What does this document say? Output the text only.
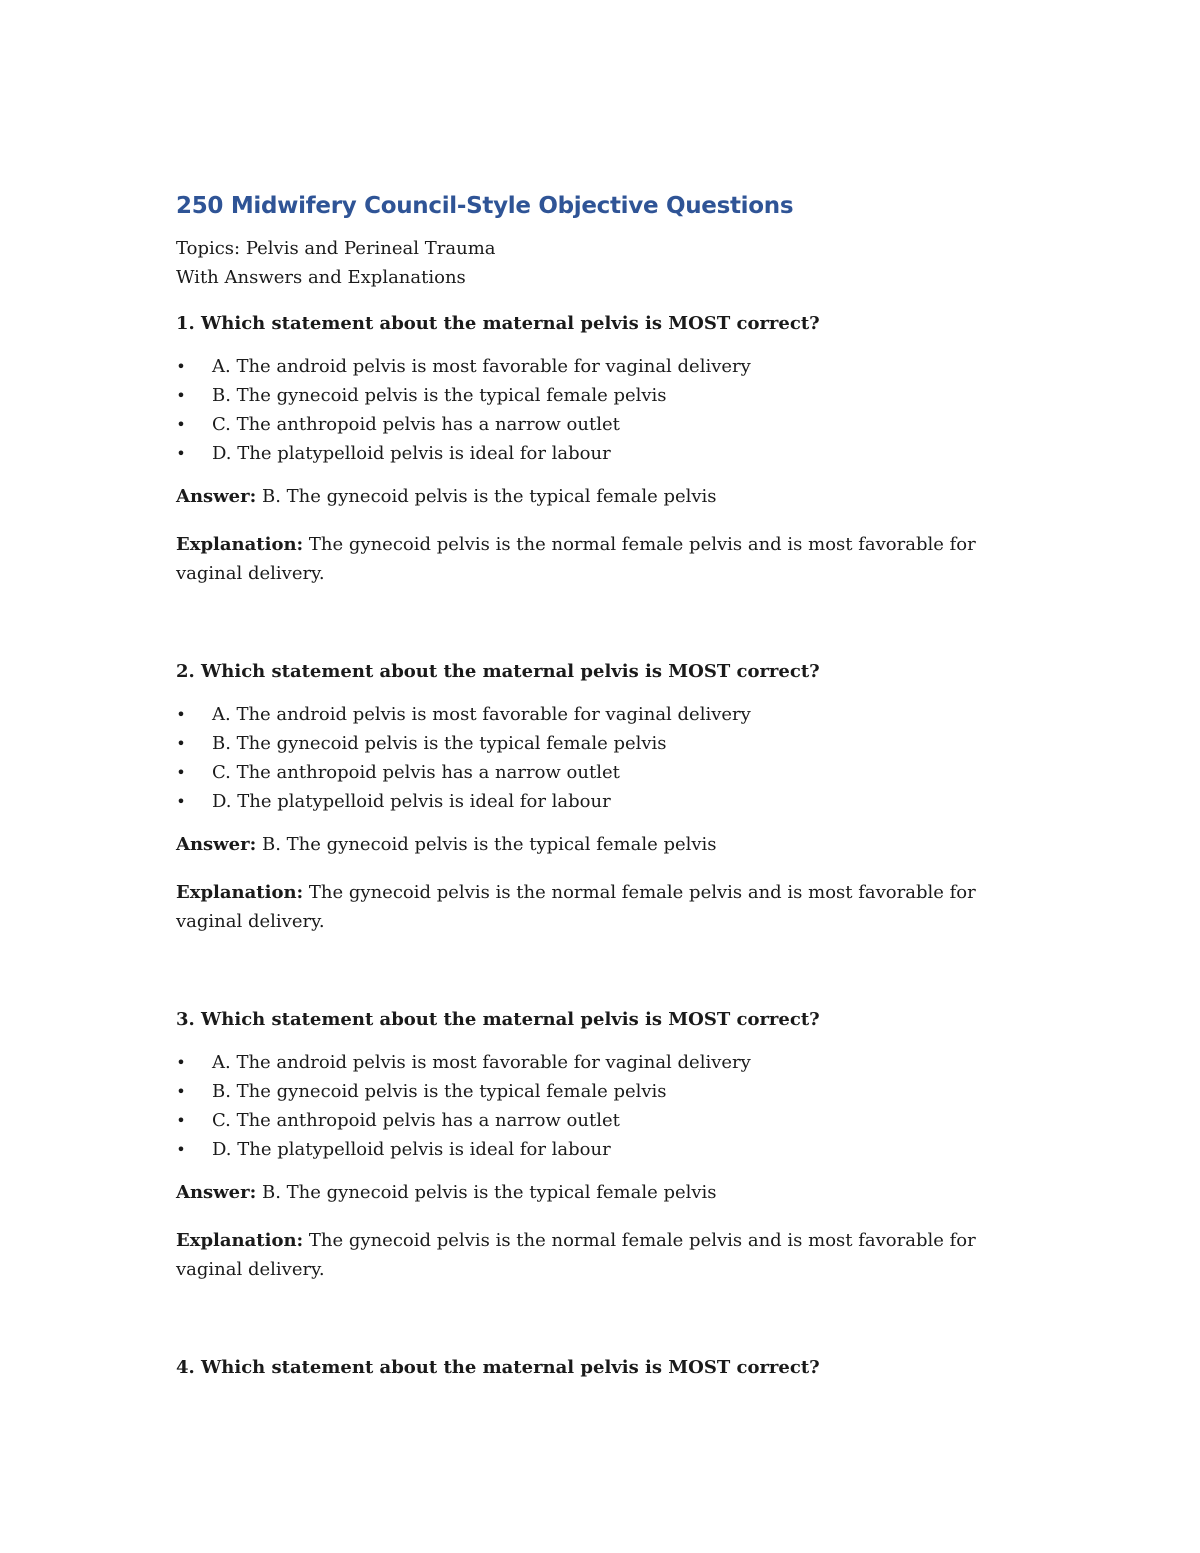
250 Midwifery Council-Style Objective Questions

Topics: Pelvis and Perineal Trauma

With Answers and Explanations

1. Which statement about the maternal pelvis is MOST correct?

• A. The android pelvis is most favorable for vaginal delivery
• B. The gynecoid pelvis is the typical female pelvis
• C. The anthropoid pelvis has a narrow outlet
• D. The platypelloid pelvis is ideal for labour

Answer: B. The gynecoid pelvis is the typical female pelvis

Explanation: The gynecoid pelvis is the normal female pelvis and is most favorable for vaginal delivery.

2. Which statement about the maternal pelvis is MOST correct?

• A. The android pelvis is most favorable for vaginal delivery
• B. The gynecoid pelvis is the typical female pelvis
• C. The anthropoid pelvis has a narrow outlet
• D. The platypelloid pelvis is ideal for labour

Answer: B. The gynecoid pelvis is the typical female pelvis

Explanation: The gynecoid pelvis is the normal female pelvis and is most favorable for vaginal delivery.

3. Which statement about the maternal pelvis is MOST correct?

• A. The android pelvis is most favorable for vaginal delivery
• B. The gynecoid pelvis is the typical female pelvis
• C. The anthropoid pelvis has a narrow outlet
• D. The platypelloid pelvis is ideal for labour

Answer: B. The gynecoid pelvis is the typical female pelvis

Explanation: The gynecoid pelvis is the normal female pelvis and is most favorable for vaginal delivery.

4. Which statement about the maternal pelvis is MOST correct?
